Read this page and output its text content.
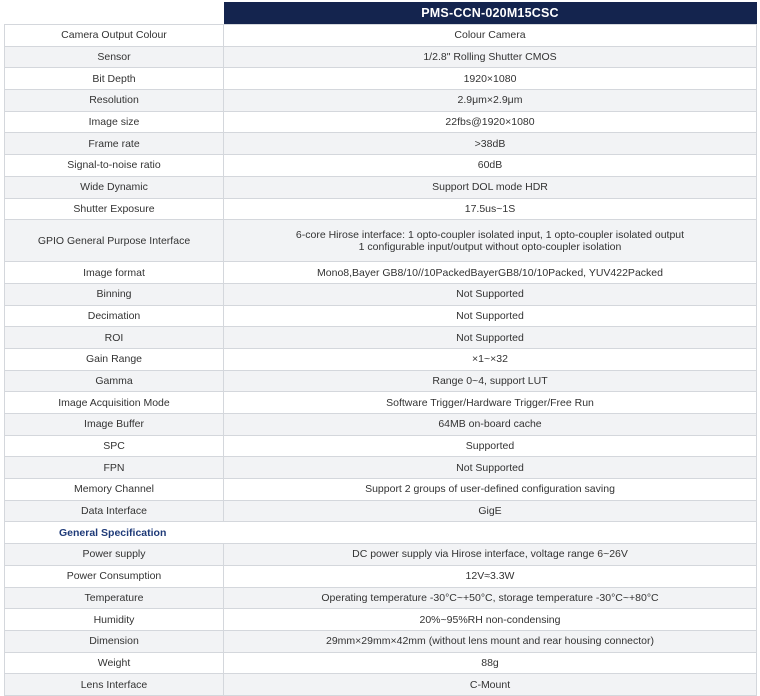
	PMS-CCN-020M15CSC
Camera Output Colour	Colour Camera
Sensor	1/2.8" Rolling Shutter CMOS
Bit Depth	1920×1080
Resolution	2.9μm×2.9μm
Image size	22fbs@1920×1080
Frame rate	>38dB
Signal-to-noise ratio	60dB
Wide Dynamic	Support DOL mode HDR
Shutter Exposure	17.5us~1S
GPIO General Purpose Interface	6-core Hirose interface: 1 opto-coupler isolated input, 1 opto-coupler isolated output
1 configurable input/output without opto-coupler isolation

Image format	Mono8,Bayer GB8/10//10PackedBayerGB8/10/10Packed, YUV422Packed
Binning	Not Supported
Decimation	Not Supported
ROI	Not Supported
Gain Range	×1~×32
Gamma	Range 0~4, support LUT
Image Acquisition Mode	Software Trigger/Hardware Trigger/Free Run
Image Buffer	64MB on-board cache
SPC	Supported
FPN	Not Supported
Memory Channel	Support 2 groups of user-defined configuration saving
Data Interface	GigE
General Specification	
Power supply	DC power supply via Hirose interface, voltage range 6~26V
Power Consumption	12V≈3.3W
Temperature	Operating temperature -30°C~+50°C, storage temperature -30°C~+80°C
Humidity	20%~95%RH non-condensing
Dimension	29mm×29mm×42mm (without lens mount and rear housing connector)
Weight	88g
Lens Interface	C-Mount
